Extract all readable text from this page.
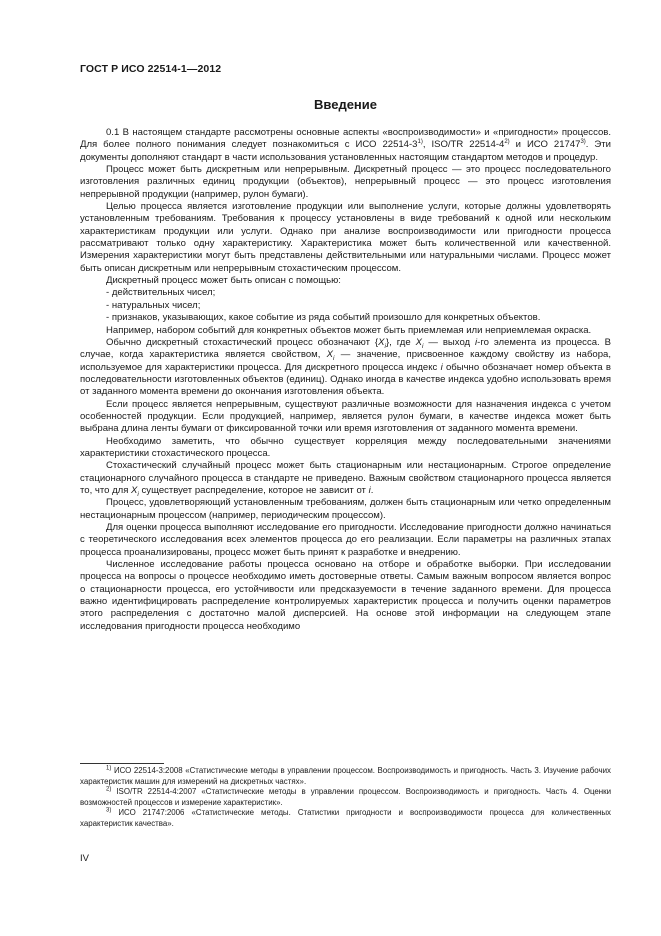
ГОСТ Р ИСО 22514-1—2012
Введение

0.1 В настоящем стандарте рассмотрены основные аспекты «воспроизводимости» и «пригодности» процессов. Для более полного понимания следует познакомиться с ИСО 22514-3$^{1)}$, ISO/TR 22514-4$^{2)}$ и ИСО 21747$^{3)}$. Эти документы дополняют стандарт в части использования установленных настоящим стандартом методов и процедур.

Процесс может быть дискретным или непрерывным. Дискретный процесс — это процесс последовательного изготовления различных единиц продукции (объектов), непрерывный процесс — это процесс изготовления непрерывной продукции (например, рулон бумаги).

Целью процесса является изготовление продукции или выполнение услуги, которые должны удовлетворять установленным требованиям. Требования к процессу установлены в виде требований к одной или нескольким характеристикам продукции или услуги. Однако при анализе воспроизводимости или пригодности процесса рассматривают только одну характеристику. Характеристика может быть количественной или качественной. Измерения характеристики могут быть представлены действительными или натуральными числами. Процесс может быть описан дискретным или непрерывным стохастическим процессом.

Дискретный процесс может быть описан с помощью:

- действительных чисел;

- натуральных чисел;

- признаков, указывающих, какое событие из ряда событий произошло для конкретных объектов.

Например, набором событий для конкретных объектов может быть приемлемая или неприемлемая окраска.

Обычно дискретный стохастический процесс обозначают $\{X_i\}$, где $X_i$ — выход i-го элемента из процесса. В случае, когда характеристика является свойством, $X_i$ — значение, присвоенное каждому свойству из набора, используемое для характеристики процесса. Для дискретного процесса индекс i обычно обозначает номер объекта в последовательности изготовленных объектов (единиц). Однако иногда в качестве индекса удобно использовать время от заданного момента времени до окончания изготовления объекта.

Если процесс является непрерывным, существуют различные возможности для назначения индекса с учетом особенностей продукции. Если продукцией, например, является рулон бумаги, в качестве индекса может быть выбрана длина ленты бумаги от фиксированной точки или время изготовления от заданного момента времени.

Необходимо заметить, что обычно существует корреляция между последовательными значениями характеристики стохастического процесса.

Стохастический случайный процесс может быть стационарным или нестационарным. Строгое определение стационарного случайного процесса в стандарте не приведено. Важным свойством стационарного процесса является то, что для $X_i$ существует распределение, которое не зависит от i.

Процесс, удовлетворяющий установленным требованиям, должен быть стационарным или четко определенным нестационарным процессом (например, периодическим процессом).

Для оценки процесса выполняют исследование его пригодности. Исследование пригодности должно начинаться с теоретического исследования всех элементов процесса до его реализации. Если параметры на различных этапах процесса проанализированы, процесс может быть принят к разработке и внедрению.

Численное исследование работы процесса основано на отборе и обработке выборки. При исследовании процесса на вопросы о процессе необходимо иметь достоверные ответы. Самым важным вопросом является вопрос о стационарности процесса, его устойчивости или предсказуемости в течение заданного времени. Для процесса важно идентифицировать распределение контролируемых характеристик процесса и получить оценки параметров этого распределения с достаточно малой дисперсией. На основе этой информации на следующем этапе исследования пригодности процесса необходимо

$^{1)}$ ИСО 22514-3:2008 «Статистические методы в управлении процессом. Воспроизводимость и пригодность. Часть 3. Изучение рабочих характеристик машин для измерений на дискретных частях».

$^{2)}$ ISO/TR 22514-4:2007 «Статистические методы в управлении процессом. Воспроизводимость и пригодность. Часть 4. Оценки возможностей процессов и измерение характеристик».

$^{3)}$ ИСО 21747:2006 «Статистические методы. Статистики пригодности и воспроизводимости процесса для количественных характеристик качества».

IV
